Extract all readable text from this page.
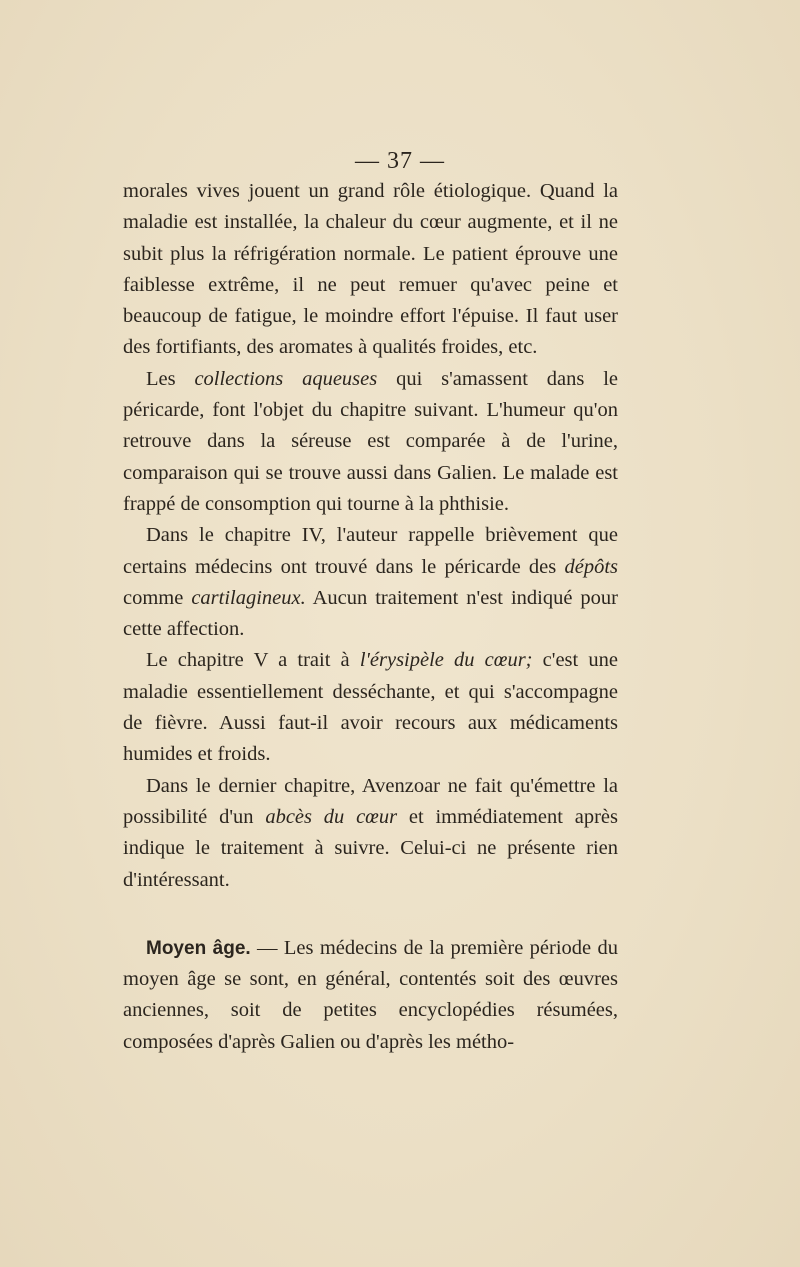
— 37 —

morales vives jouent un grand rôle étiologique. Quand la maladie est installée, la chaleur du cœur augmente, et il ne subit plus la réfrigération normale. Le patient éprouve une faiblesse extrême, il ne peut remuer qu'avec peine et beaucoup de fatigue, le moindre effort l'épuise. Il faut user des fortifiants, des aromates à qualités froides, etc.

Les collections aqueuses qui s'amassent dans le péricarde, font l'objet du chapitre suivant. L'humeur qu'on retrouve dans la séreuse est comparée à de l'urine, comparaison qui se trouve aussi dans Galien. Le malade est frappé de consomption qui tourne à la phthisie.

Dans le chapitre IV, l'auteur rappelle brièvement que certains médecins ont trouvé dans le péricarde des dépôts comme cartilagineux. Aucun traitement n'est indiqué pour cette affection.

Le chapitre V a trait à l'érysipèle du cœur; c'est une maladie essentiellement desséchante, et qui s'accompagne de fièvre. Aussi faut-il avoir recours aux médicaments humides et froids.

Dans le dernier chapitre, Avenzoar ne fait qu'émettre la possibilité d'un abcès du cœur et immédiatement après indique le traitement à suivre. Celui-ci ne présente rien d'intéressant.

Moyen âge. — Les médecins de la première période du moyen âge se sont, en général, contentés soit des œuvres anciennes, soit de petites encyclopédies résumées, composées d'après Galien ou d'après les métho-
